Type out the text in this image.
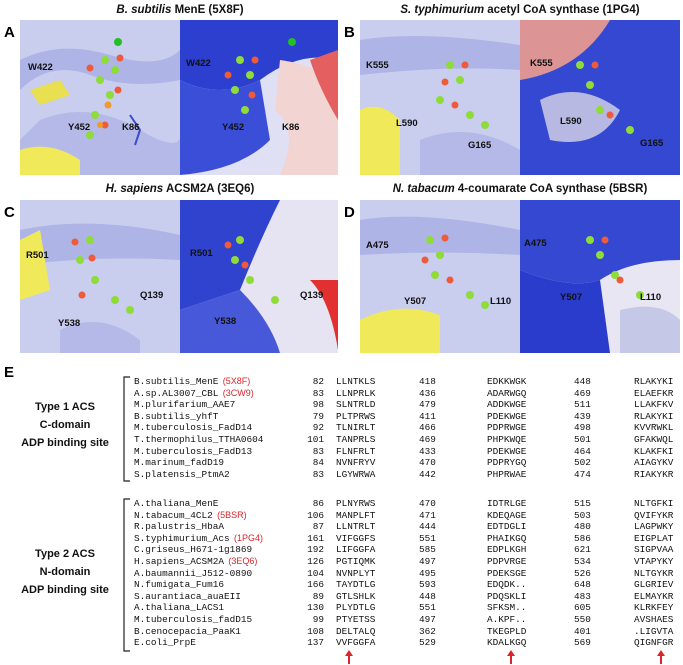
B. subtilis MenE (5X8F)	S. typhimurium acetyl CoA synthase (1PG4)
H. sapiens ACSM2A (3EQ6)	N. tabacum 4-coumarate CoA synthase (5BSR)
A	B
C	D
W422
Y452	K86
W422
Y452	K86
K555
L590
G165
K555
L590
G165
R501
Y538
Q139
R501
Y538
Q139
A475
Y507	L110
A475
Y507	L110
E
Type 1 ACS
C-domain
ADP binding site
Type 2 ACS
N-domain
ADP binding site
B.subtilis_MenE (5X8F)	82 LLNTKLS	418	EDKKWGK	448	RLAKYKI
A.sp.AL3007_CBL (3CW9)	83 LLNPRLK	436	ADARWGQ	469	ELAEFKR
M.plurifarium_AAE7	98 SLNTRLD	479	ADDKWGE	511	LLAKFKV
B.subtilis_yhfT	79 PLTPRWS	411	PDEKWGE	439	RLAKYKI
M.tuberculosis_FadD14	92 TLNIRLT	466	PDPRWGE	498	KVVRWKL
T.thermophilus_TTHA0604	101 TANPRLS	469	PHPKWQE	501	GFAKWQL
M.tuberculosis_FadD13	83 FLNFRLT	433	PDEKWGE	464	KLAKFKI
M.marinum_fadD19	84 NVNFRYV	470	PDPRYGQ	502	AIAGYKV
S.platensis_PtmA2	83 LGYWRWA	442	PHPRWAE	474	RIAKYKR
A.thaliana_MenE	86 PLNYRWS	470	IDTRLGE	515	NLTGFKI
N.tabacum_4CL2 (5BSR)	106 MANPLFT	471	KDEQAGE	503	QVIFYKR
R.palustris_HbaA	87 LLNTRLT	444	EDTDGLI	480	LAGPWKY
S.typhimurium_Acs (1PG4)	161 VIFGGFS	551	PHAIKGQ	586	EIGPLAT
C.griseus_H671-1g1869	192 LIFGGFA	585	EDPLKGH	621	SIGPVAA
H.sapiens_ACSM2A (3EQ6)	126 PGTIQMK	497	PDPVRGE	534	VTAPYKY
A.baumannii_J512-0890	104 NVNPLYT	495	PDEKSGE	526	NLTGYKR
N.fumigata_Fum16	166 TAYDTLG	593	EDQDK..	648	GLGRIEV
S.aurantiaca_auaEII	89 GTLSHLK	448	PDQSKLI	483	ELMAYKR
A.thaliana_LACS1	130 PLYDTLG	551	SFKSM..	605	KLRKFEY
M.tuberculosis_fadD15	99 PTYETSS	497	A.KPF..	550	AVSHAES
B.cenocepacia_PaaK1	108 DELTALQ	362	TKEGPLD	401	.LIGVTA
E.coli_PrpE	137 VVFGGFA	529	KDALKGQ	569	QIGNFGR
